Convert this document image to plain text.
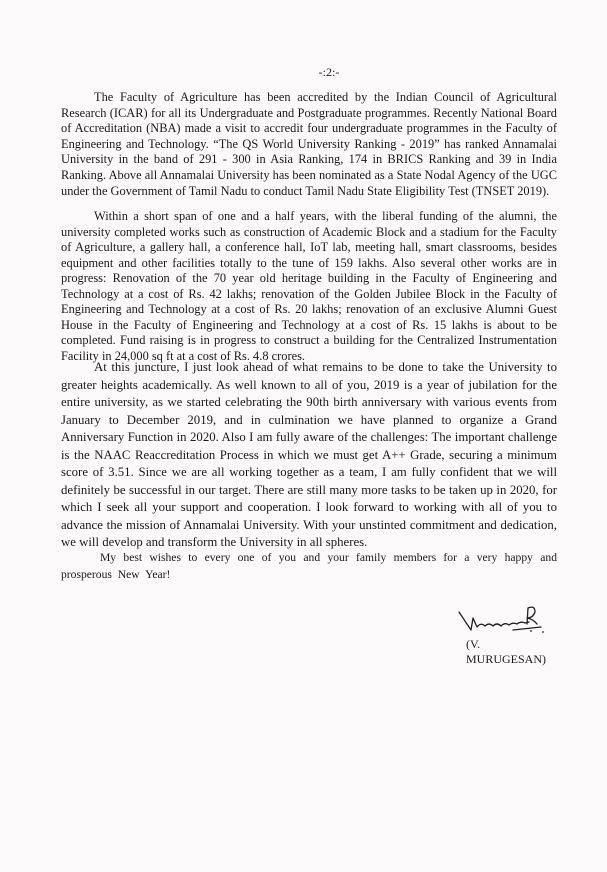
-:2:-

The Faculty of Agriculture has been accredited by the Indian Council of Agricultural Research (ICAR) for all its Undergraduate and Postgraduate programmes. Recently National Board of Accreditation (NBA) made a visit to accredit four undergraduate programmes in the Faculty of Engineering and Technology. “The QS World University Ranking - 2019” has ranked Annamalai University in the band of 291 - 300 in Asia Ranking, 174 in BRICS Ranking and 39 in India Ranking. Above all Annamalai University has been nominated as a State Nodal Agency of the UGC under the Government of Tamil Nadu to conduct Tamil Nadu State Eligibility Test (TNSET 2019).

Within a short span of one and a half years, with the liberal funding of the alumni, the university completed works such as construction of Academic Block and a stadium for the Faculty of Agriculture, a gallery hall, a conference hall, IoT lab, meeting hall, smart classrooms, besides equipment and other facilities totally to the tune of 159 lakhs. Also several other works are in progress: Renovation of the 70 year old heritage building in the Faculty of Engineering and Technology at a cost of Rs. 42 lakhs; renovation of the Golden Jubilee Block in the Faculty of Engineering and Technology at a cost of Rs. 20 lakhs; renovation of an exclusive Alumni Guest House in the Faculty of Engineering and Technology at a cost of Rs. 15 lakhs is about to be completed. Fund raising is in progress to construct a building for the Centralized Instrumentation Facility in 24,000 sq ft at a cost of Rs. 4.8 crores.

At this juncture, I just look ahead of what remains to be done to take the University to greater heights academically. As well known to all of you, 2019 is a year of jubilation for the entire university, as we started celebrating the 90th birth anniversary with various events from January to December 2019, and in culmination we have planned to organize a Grand Anniversary Function in 2020. Also I am fully aware of the challenges: The important challenge is the NAAC Reaccreditation Process in which we must get A++ Grade, securing a minimum score of 3.51. Since we are all working together as a team, I am fully confident that we will definitely be successful in our target. There are still many more tasks to be taken up in 2020, for which I seek all your support and cooperation. I look forward to working with all of you to advance the mission of Annamalai University. With your unstinted commitment and dedication, we will develop and transform the University in all spheres.

My best wishes to every one of you and your family members for a very happy and prosperous New Year!

(V. MURUGESAN)
